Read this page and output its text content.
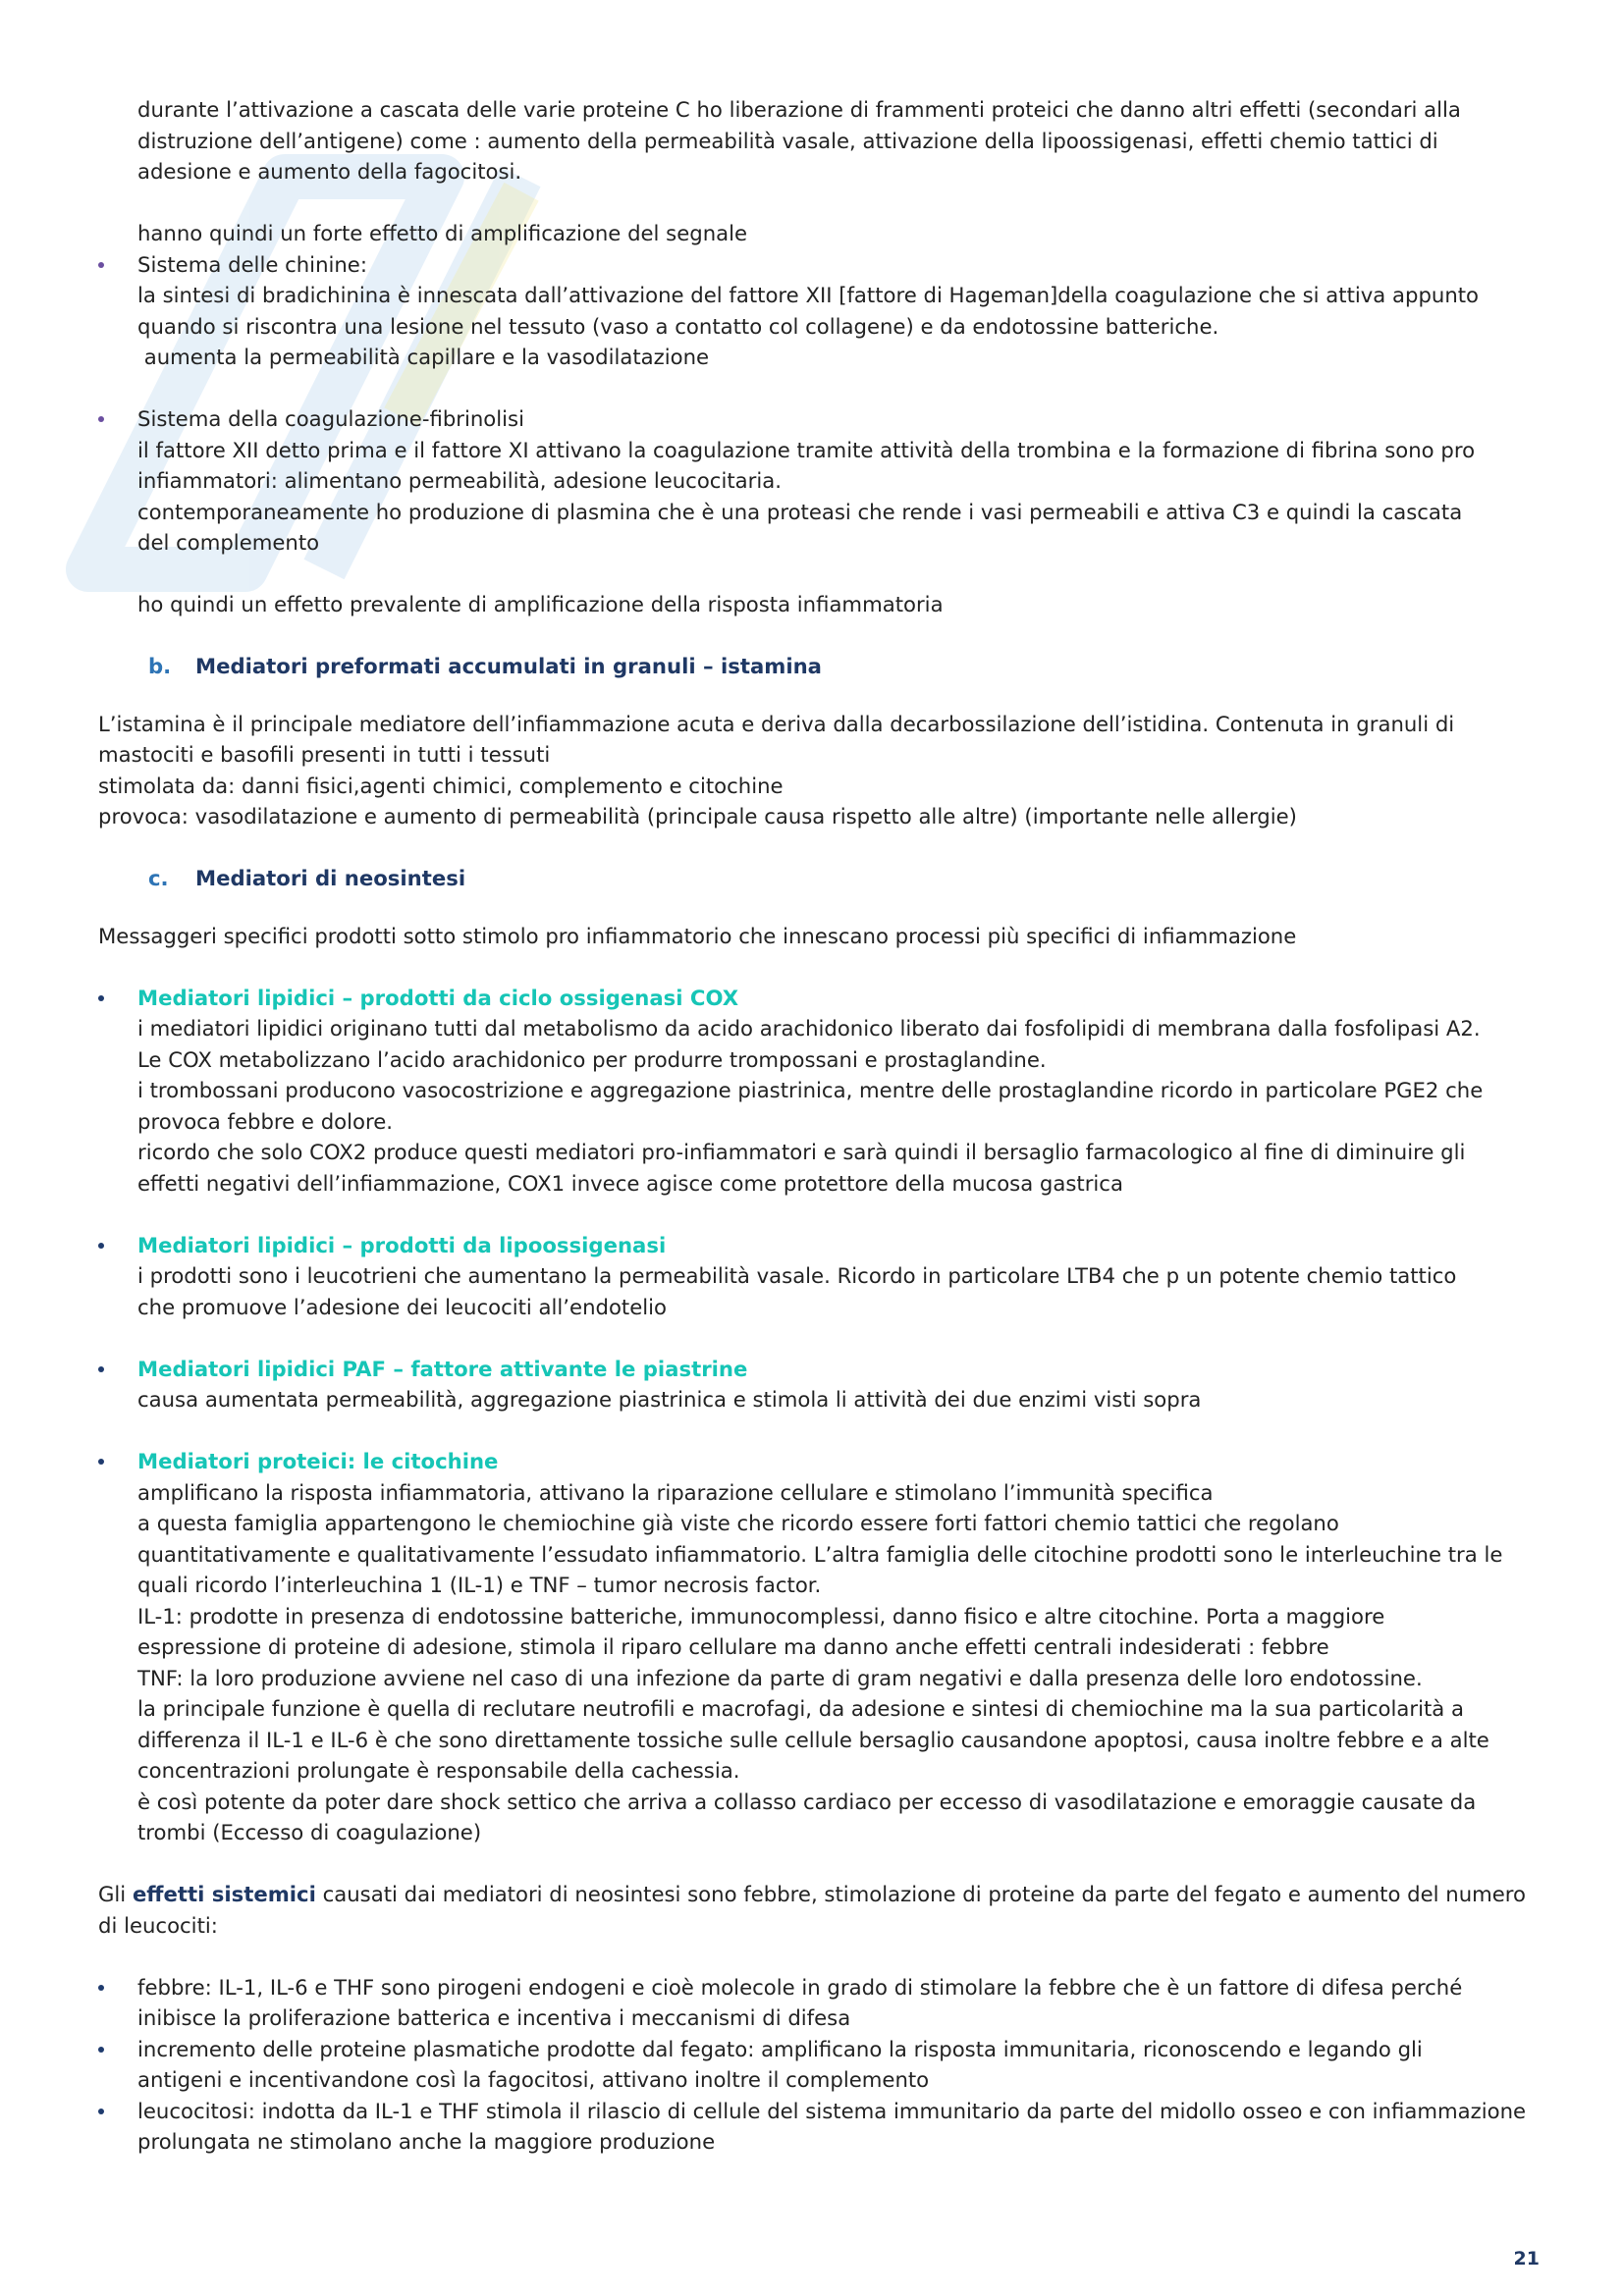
durante l’attivazione a cascata delle varie proteine C ho liberazione di frammenti proteici che danno altri effetti (secondari alla

distruzione dell’antigene) come : aumento della permeabilità vasale, attivazione della lipoossigenasi, effetti chemio tattici di

adesione e aumento della fagocitosi.

hanno quindi un forte effetto di amplificazione del segnale

Sistema delle chinine:

la sintesi di bradichinina è innescata dall’attivazione del fattore XII [fattore di Hageman]della coagulazione che si attiva appunto

quando si riscontra una lesione nel tessuto (vaso a contatto col collagene) e da endotossine batteriche.

aumenta la permeabilità capillare e la vasodilatazione

Sistema della coagulazione-fibrinolisi

il fattore XII detto prima e il fattore XI attivano la coagulazione tramite attività della trombina e la formazione di fibrina sono pro

infiammatori: alimentano permeabilità, adesione leucocitaria.

contemporaneamente ho produzione di plasmina che è una proteasi che rende i vasi permeabili e attiva C3 e quindi la cascata

del complemento

ho quindi un effetto prevalente di amplificazione della risposta infiammatoria

b. Mediatori preformati accumulati in granuli – istamina

L’istamina è il principale mediatore dell’infiammazione acuta e deriva dalla decarbossilazione dell’istidina. Contenuta in granuli di

mastociti e basofili presenti in tutti i tessuti

stimolata da: danni fisici,agenti chimici, complemento e citochine

provoca: vasodilatazione e aumento di permeabilità (principale causa rispetto alle altre) (importante nelle allergie)

c. Mediatori di neosintesi

Messaggeri specifici prodotti sotto stimolo pro infiammatorio che innescano processi più specifici di infiammazione

Mediatori lipidici – prodotti da ciclo ossigenasi COX

i mediatori lipidici originano tutti dal metabolismo da acido arachidonico liberato dai fosfolipidi di membrana dalla fosfolipasi A2.

Le COX metabolizzano l’acido arachidonico per produrre trompossani e prostaglandine.

i trombossani producono vasocostrizione e aggregazione piastrinica, mentre delle prostaglandine ricordo in particolare PGE2 che

provoca febbre e dolore.

ricordo che solo COX2 produce questi mediatori pro-infiammatori e sarà quindi il bersaglio farmacologico al fine di diminuire gli

effetti negativi dell’infiammazione, COX1 invece agisce come protettore della mucosa gastrica

Mediatori lipidici – prodotti da lipoossigenasi

i prodotti sono i leucotrieni che aumentano la permeabilità vasale. Ricordo in particolare LTB4 che p un potente chemio tattico

che promuove l’adesione dei leucociti all’endotelio

Mediatori lipidici PAF – fattore attivante le piastrine

causa aumentata permeabilità, aggregazione piastrinica e stimola li attività dei due enzimi visti sopra

Mediatori proteici: le citochine

amplificano la risposta infiammatoria, attivano la riparazione cellulare e stimolano l’immunità specifica

a questa famiglia appartengono le chemiochine già viste che ricordo essere forti fattori chemio tattici che regolano

quantitativamente e qualitativamente l’essudato infiammatorio. L’altra famiglia delle citochine prodotti sono le interleuchine tra le

quali ricordo l’interleuchina 1 (IL-1) e TNF – tumor necrosis factor.

IL-1: prodotte in presenza di endotossine batteriche, immunocomplessi, danno fisico e altre citochine. Porta a maggiore

espressione di proteine di adesione, stimola il riparo cellulare ma danno anche effetti centrali indesiderati : febbre

TNF: la loro produzione avviene nel caso di una infezione da parte di gram negativi e dalla presenza delle loro endotossine.

la principale funzione è quella di reclutare neutrofili e macrofagi, da adesione e sintesi di chemiochine ma la sua particolarità a

differenza il IL-1 e IL-6 è che sono direttamente tossiche sulle cellule bersaglio causandone apoptosi, causa inoltre febbre e a alte

concentrazioni prolungate è responsabile della cachessia.

è così potente da poter dare shock settico che arriva a collasso cardiaco per eccesso di vasodilatazione e emoraggie causate da

trombi (Eccesso di coagulazione)

Gli effetti sistemici causati dai mediatori di neosintesi sono febbre, stimolazione di proteine da parte del fegato e aumento del numero

di leucociti:

febbre: IL-1, IL-6 e THF sono pirogeni endogeni e cioè molecole in grado di stimolare la febbre che è un fattore di difesa perché

inibisce la proliferazione batterica e incentiva i meccanismi di difesa

incremento delle proteine plasmatiche prodotte dal fegato: amplificano la risposta immunitaria, riconoscendo e legando gli

antigeni e incentivandone così la fagocitosi, attivano inoltre il complemento

leucocitosi: indotta da IL-1 e THF stimola il rilascio di cellule del sistema immunitario da parte del midollo osseo e con infiammazione

prolungata ne stimolano anche la maggiore produzione

21
